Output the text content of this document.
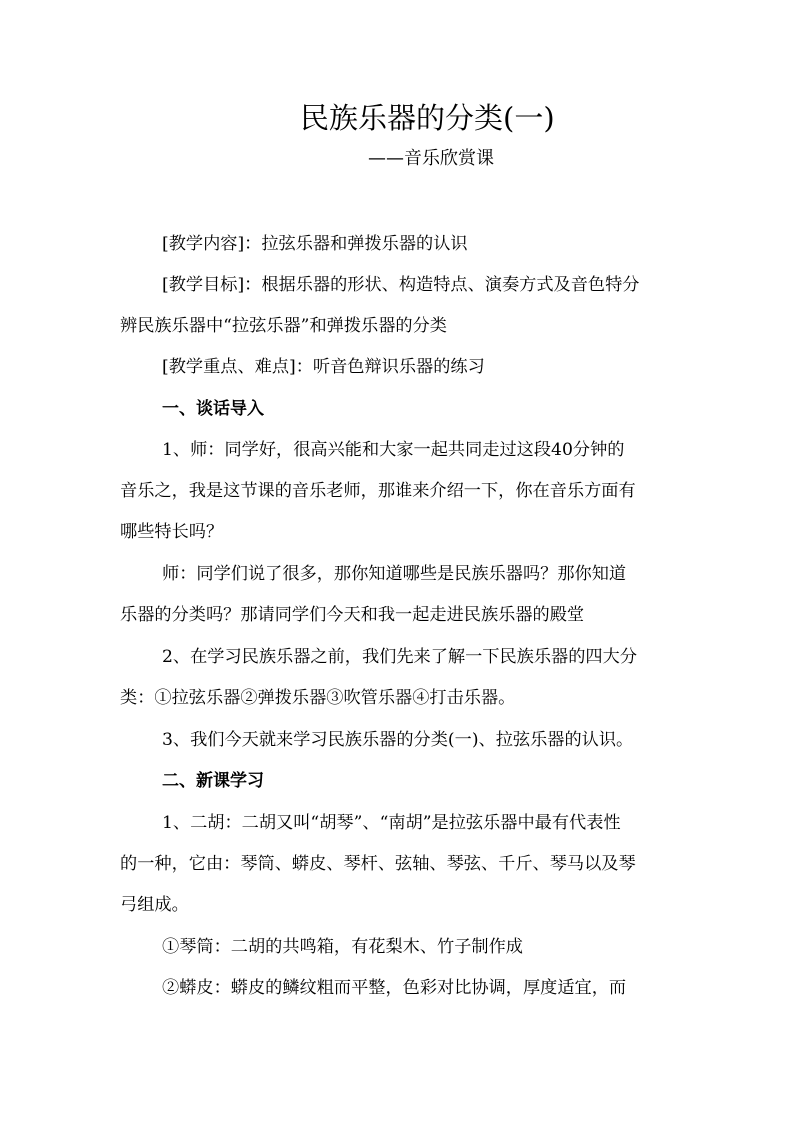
民族乐器的分类(一)
——音乐欣赏课
[教学内容]：拉弦乐器和弹拨乐器的认识
[教学目标]：根据乐器的形状、构造特点、演奏方式及音色特分
辨民族乐器中“拉弦乐器”和弹拨乐器的分类
[教学重点、难点]：听音色辩识乐器的练习
一、谈话导入
1、师：同学好，很高兴能和大家一起共同走过这段40分钟的
音乐之，我是这节课的音乐老师，那谁来介绍一下，你在音乐方面有
哪些特长吗？
师：同学们说了很多，那你知道哪些是民族乐器吗？那你知道
乐器的分类吗？那请同学们今天和我一起走进民族乐器的殿堂
2、在学习民族乐器之前，我们先来了解一下民族乐器的四大分
类：①拉弦乐器②弹拨乐器③吹管乐器④打击乐器。
3、我们今天就来学习民族乐器的分类(一)、拉弦乐器的认识。
二、新课学习
1、二胡：二胡又叫“胡琴”、“南胡”是拉弦乐器中最有代表性
的一种，它由：琴筒、蟒皮、琴杆、弦轴、琴弦、千斤、琴马以及琴
弓组成。
①琴筒：二胡的共鸣箱，有花梨木、竹子制作成
②蟒皮：蟒皮的鳞纹粗而平整，色彩对比协调，厚度适宜，而
